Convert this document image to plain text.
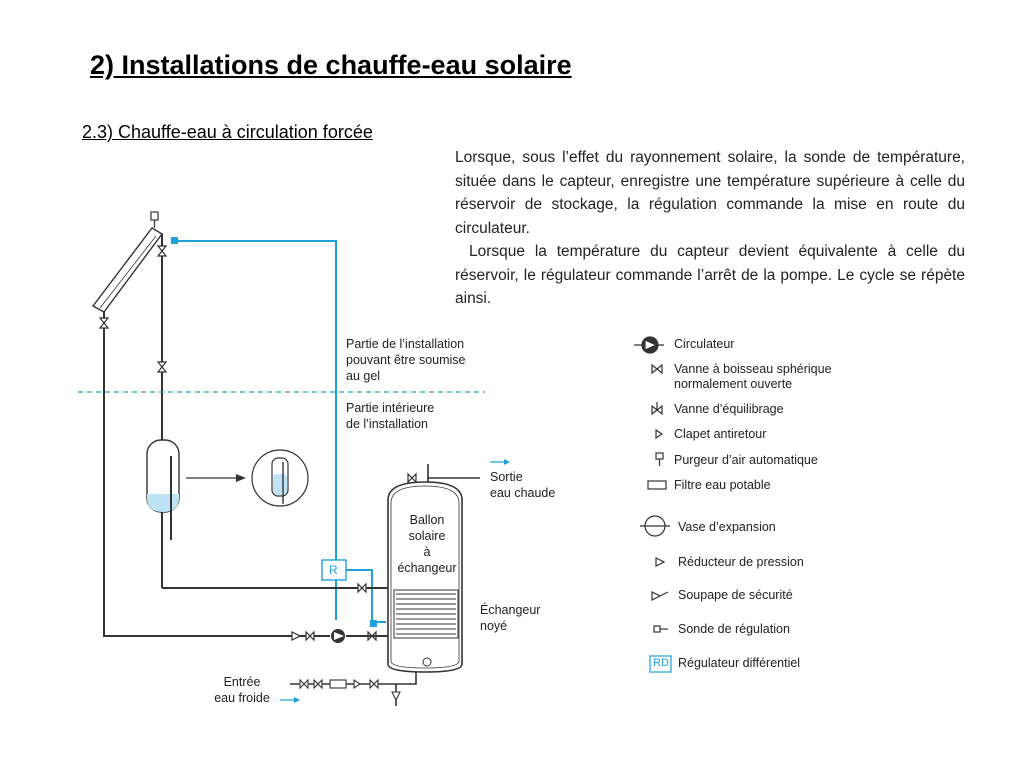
2) Installations de chauffe-eau solaire
2.3) Chauffe-eau à circulation forcée
Lorsque, sous l’effet du rayonnement solaire, la sonde de température, située dans le capteur, enregistre une température supérieure à celle du réservoir de stockage, la régulation commande la mise en route du circulateur.
Lorsque la température du capteur devient équivalente à celle du réservoir, le régulateur commande l’arrêt de la pompe. Le cycle se répète ainsi.
Partie de l’installation
pouvant être soumise
au gel
Partie intérieure
de l’installation
Ballon
solaire
à
échangeur
Sortie
eau chaude
Échangeur
noyé
Entrée
eau froide
R
Circulateur
Vanne à boisseau sphérique
normalement ouverte
Vanne d’équilibrage
Clapet antiretour
Purgeur d’air automatique
Filtre eau potable
Vase d’expansion
Réducteur de pression
Soupape de sécurité
Sonde de régulation
RD Régulateur différentiel
